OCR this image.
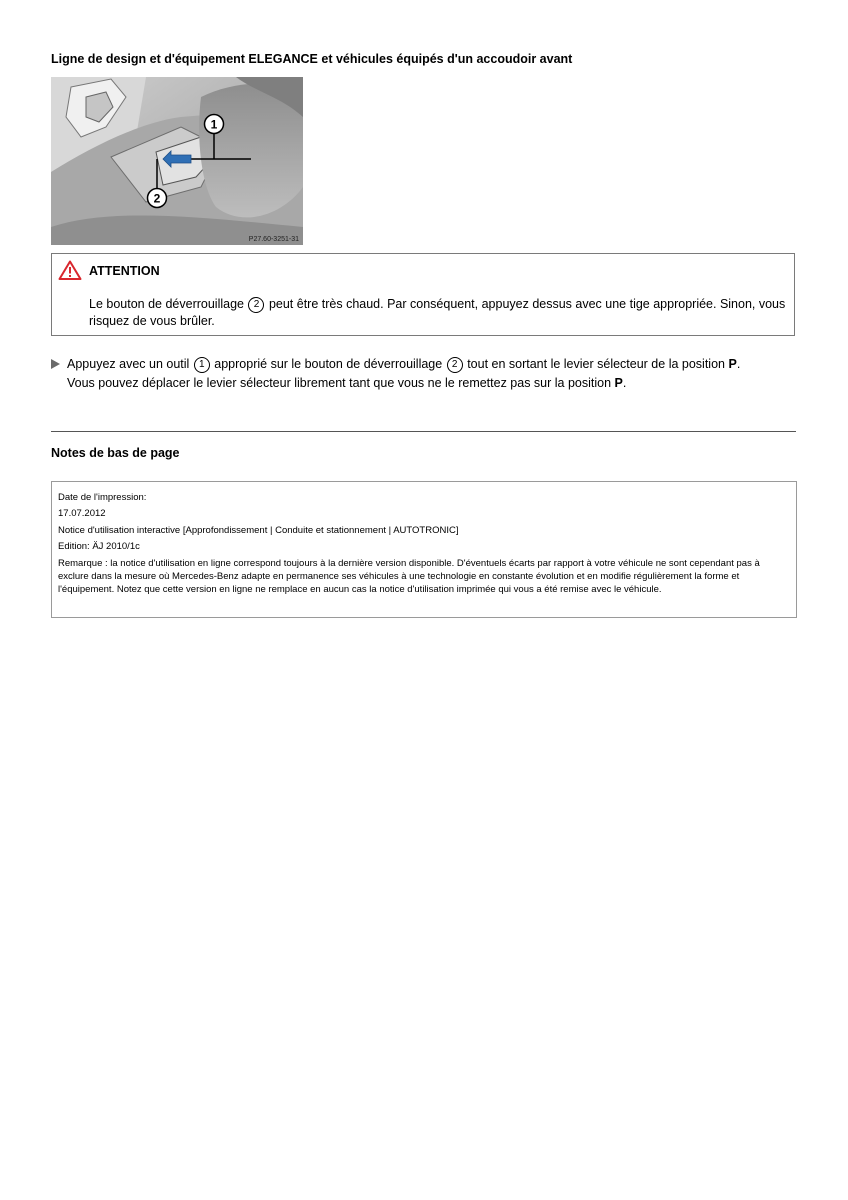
Ligne de design et d'équipement ELEGANCE et véhicules équipés d'un accoudoir avant
1
2
P27.60-3251-31
ATTENTION
Le bouton de déverrouillage 2 peut être très chaud. Par conséquent, appuyez dessus avec une tige appropriée. Sinon, vous risquez de vous brûler.
Appuyez avec un outil 1 approprié sur le bouton de déverrouillage 2 tout en sortant le levier sélecteur de la position P.
Vous pouvez déplacer le levier sélecteur librement tant que vous ne le remettez pas sur la position P.
Notes de bas de page
Date de l'impression:
17.07.2012
Notice d'utilisation interactive [Approfondissement | Conduite et stationnement | AUTOTRONIC]
Edition: ÄJ 2010/1c
Remarque : la notice d'utilisation en ligne correspond toujours à la dernière version disponible. D'éventuels écarts par rapport à votre véhicule ne sont cependant pas à exclure dans la mesure où Mercedes-Benz adapte en permanence ses véhicules à une technologie en constante évolution et en modifie régulièrement la forme et l'équipement. Notez que cette version en ligne ne remplace en aucun cas la notice d'utilisation imprimée qui vous a été remise avec le véhicule.
